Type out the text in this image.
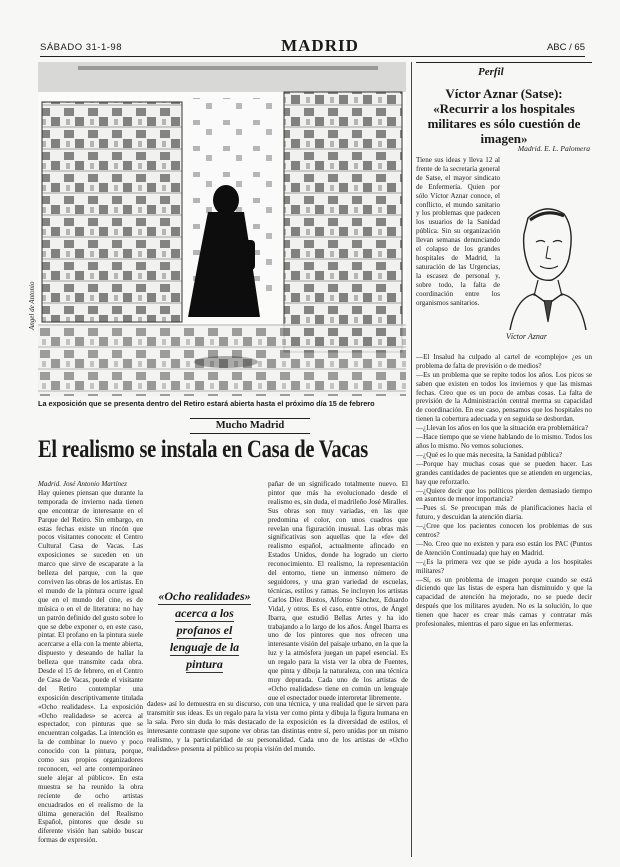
SÁBADO 31-1-98	MADRID	ABC / 65
Angel de Antonio
La exposición que se presenta dentro del Retiro estará abierta hasta el próximo día 15 de febrero
Mucho Madrid
El realismo se instala en Casa de Vacas
Madrid. José Antonio Martínez
Hay quienes piensan que durante la temporada de invierno nada tienen que encontrar de interesante en el Parque del Retiro. Sin embargo, en estas fechas existe un rincón que pocos visitantes conocen: el Centro Cultural Casa de Vacas. Las exposiciones se suceden en un marco que sirve de escaparate a la belleza del parque, con la que conviven las obras de los artistas. En el mundo de la pintura ocurre igual que en el mundo del cine, es de música o en el de literatura: no hay un patrón definido del gusto sobre lo que se debe exponer o, en este caso, pintar. El profano en la pintura suele acercarse a ella con la mente abierta, dispuesto y deseando de hallar la belleza que transmite cada obra. Desde el 15 de febrero, en el Centro de Casa de Vacas, puede el visitante del Retiro contemplar una exposición descriptivamente titulada «Ocho realidades». La exposición «Ocho realidades» se acerca al espectador, con pinturas que se encuentran colgadas. La intención es la de combinar lo nuevo y poco conocido con la pintura, porque, como sus propios organizadores reconocen, «el arte contemporáneo suele alejar al público». En esta muestra se ha reunido la obra reciente de ocho artistas encuadrados en el realismo de la última generación del Realismo Español, pintores que desde su diferente visión han sabido buscar formas de expresión.
«Ocho realidades»
acerca a los
profanos el
lenguaje de la
pintura
pañar de un significado totalmente nuevo. El pintor que más ha evolucionado desde el realismo es, sin duda, el madrileño José Miralles. Sus obras son muy variadas, en las que predomina el color, con unos cuadros que revelan una figuración inusual. Las obras más significativas son aquellas que la «fe» del realismo español, actualmente afincado en Estados Unidos, donde ha logrado un cierto reconocimiento. El realismo, la representación del entorno, tiene un inmenso número de seguidores, y una gran variedad de escuelas, técnicas, estilos y ramas. Se incluyen los artistas Carlos Díez Bustos, Alfonso Sánchez, Eduardo Vidal, y otros. Es el caso, entre otros, de Ángel Ibarra, que estudió Bellas Artes y ha ido trabajando a lo largo de los años. Ángel Ibarra es uno de los pintores que nos ofrecen una interesante visión del paisaje urbano, en la que la luz y la atmósfera juegan un papel esencial. Es un regalo para la vista ver la obra de Fuentes, que pinta y dibuja la naturaleza, con una técnica muy depurada. Cada uno de los artistas de «Ocho realidades» tiene en común un lenguaje que el espectador puede interpretar libremente.
dades» así lo demuestra en su discurso, con una técnica, y una realidad que le sirven para transmitir sus ideas. Es un regalo para la vista ver como pinta y dibuja la figura humana en la sala. Pero sin duda lo más destacado de la exposición es la diversidad de estilos, el interesante contraste que supone ver obras tan distintas entre sí, pero unidas por un mismo realismo, y la particularidad de su personalidad. Cada uno de los artistas de «Ocho realidades» presenta al público su propia visión del mundo.
Perfil
Víctor Aznar (Satse): «Recurrir a los hospitales militares es sólo cuestión de imagen»
Madrid. E. L. Palomera
Tiene sus ideas y lleva 12 al frente de la secretaría general de Satse, el mayor sindicato de Enfermería. Quien por sólo Víctor Aznar conoce, el conflicto, el mundo sanitario y los problemas que padecen los usuarios de la Sanidad pública. Sin su organización llevan semanas denunciando el colapso de los grandes hospitales de Madrid, la saturación de las Urgencias, la escasez de personal y, sobre todo, la falta de coordinación entre los organismos sanitarios.
Víctor Aznar

—El Insalud ha culpado al cartel de «complejo» ¿es un problema de falta de previsión o de medios?
—Es un problema que se repite todos los años. Los picos se saben que existen en todos los inviernos y que las mismas fechas. Creo que es un poco de ambas cosas. La falta de previsión de la Administración central merma su capacidad de coordinación. En ese caso, pensamos que los hospitales no tienen la cobertura adecuada y en seguida se desbordan.
—¿Llevan los años en los que la situación era problemática?
—Hace tiempo que se viene hablando de lo mismo. Todos los años lo mismo. No vemos soluciones.
—¿Qué es lo que más necesita, la Sanidad pública?
—Porque hay muchas cosas que se pueden hacer. Las grandes cantidades de pacientes que se atienden en urgencias, hay que reforzarlo.
—¿Quiere decir que los políticos pierden demasiado tiempo en asuntos de menor importancia?
—Pues sí. Se preocupan más de planificaciones hacia el futuro, y descuidan la atención diaria.
—¿Cree que los pacientes conocen los problemas de sus centros?
—No. Creo que no existen y para eso están los PAC (Puntos de Atención Continuada) que hay en Madrid.
—¿Es la primera vez que se pide ayuda a los hospitales militares?
—Sí, es un problema de imagen porque cuando se está diciendo que las listas de espera han disminuido y que la capacidad de atención ha mejorado, no se puede decir después que los militares ayuden. No es la solución, lo que tienen que hacer es crear más camas y contratar más profesionales, mientras el paro sigue en las enfermeras.
